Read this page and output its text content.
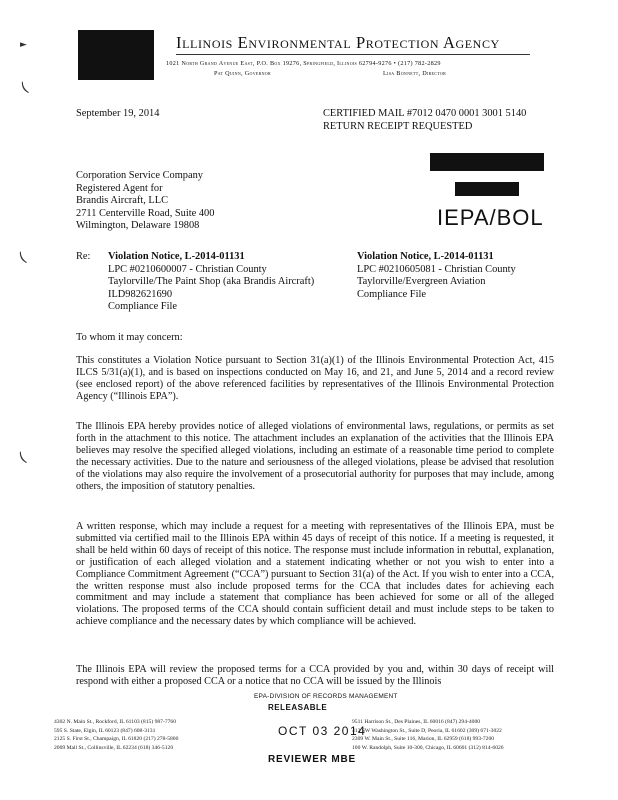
►
(
(
(
Illinois Environmental Protection Agency
1021 North Grand Avenue East, P.O. Box 19276, Springfield, Illinois 62794-9276 • (217) 782-2829
Pat Quinn, Governor	Lisa Bonnett, Director
September 19, 2014	CERTIFIED MAIL #7012 0470 0001 3001 5140
RETURN RECEIPT REQUESTED
Corporation Service Company
Registered Agent for
Brandis Aircraft, LLC
2711 Centerville Road, Suite 400
Wilmington, Delaware 19808	IEPA/BOL
Re: Violation Notice, L-2014-01131
LPC #0210600007 - Christian County
Taylorville/The Paint Shop (aka Brandis Aircraft)
ILD982621690
Compliance File
Violation Notice, L-2014-01131
LPC #0210605081 - Christian County
Taylorville/Evergreen Aviation
Compliance File
To whom it may concern:
This constitutes a Violation Notice pursuant to Section 31(a)(1) of the Illinois Environmental Protection Act, 415 ILCS 5/31(a)(1), and is based on inspections conducted on May 16, and 21, and June 5, 2014 and a record review (see enclosed report) of the above referenced facilities by representatives of the Illinois Environmental Protection Agency (“Illinois EPA”).
The Illinois EPA hereby provides notice of alleged violations of environmental laws, regulations, or permits as set forth in the attachment to this notice. The attachment includes an explanation of the activities that the Illinois EPA believes may resolve the specified alleged violations, including an estimate of a reasonable time period to complete the necessary activities. Due to the nature and seriousness of the alleged violations, please be advised that resolution of the violations may also require the involvement of a prosecutorial authority for purposes that may include, among others, the imposition of statutory penalties.
A written response, which may include a request for a meeting with representatives of the Illinois EPA, must be submitted via certified mail to the Illinois EPA within 45 days of receipt of this notice. If a meeting is requested, it shall be held within 60 days of receipt of this notice. The response must include information in rebuttal, explanation, or justification of each alleged violation and a statement indicating whether or not you wish to enter into a Compliance Commitment Agreement (“CCA”) pursuant to Section 31(a) of the Act. If you wish to enter into a CCA, the written response must also include proposed terms for the CCA that includes dates for achieving each commitment and may include a statement that compliance has been achieved for some or all of the alleged violations. The proposed terms of the CCA should contain sufficient detail and must include steps to be taken to achieve compliance and the necessary dates by which compliance will be achieved.
The Illinois EPA will review the proposed terms for a CCA provided by you and, within 30 days of receipt will respond with either a proposed CCA or a notice that no CCA will be issued by the Illinois
EPA-DIVISION OF RECORDS MANAGEMENT
RELEASABLE
OCT 03 2014
REVIEWER MBE
4302 N. Main St., Rockford, IL 61103 (815) 987-7760
595 S. State, Elgin, IL 60123 (847) 608-3131
2125 S. First St., Champaign, IL 61820 (217) 278-5800
2009 Mall St., Collinsville, IL 62234 (618) 346-5120
9511 Harrison St., Des Plaines, IL 60016 (847) 294-4000
412 SW Washington St., Suite D, Peoria, IL 61602 (309) 671-3022
2309 W. Main St., Suite 116, Marion, IL 62959 (618) 993-7200
100 W. Randolph, Suite 10-300, Chicago, IL 60601 (312) 814-6026
